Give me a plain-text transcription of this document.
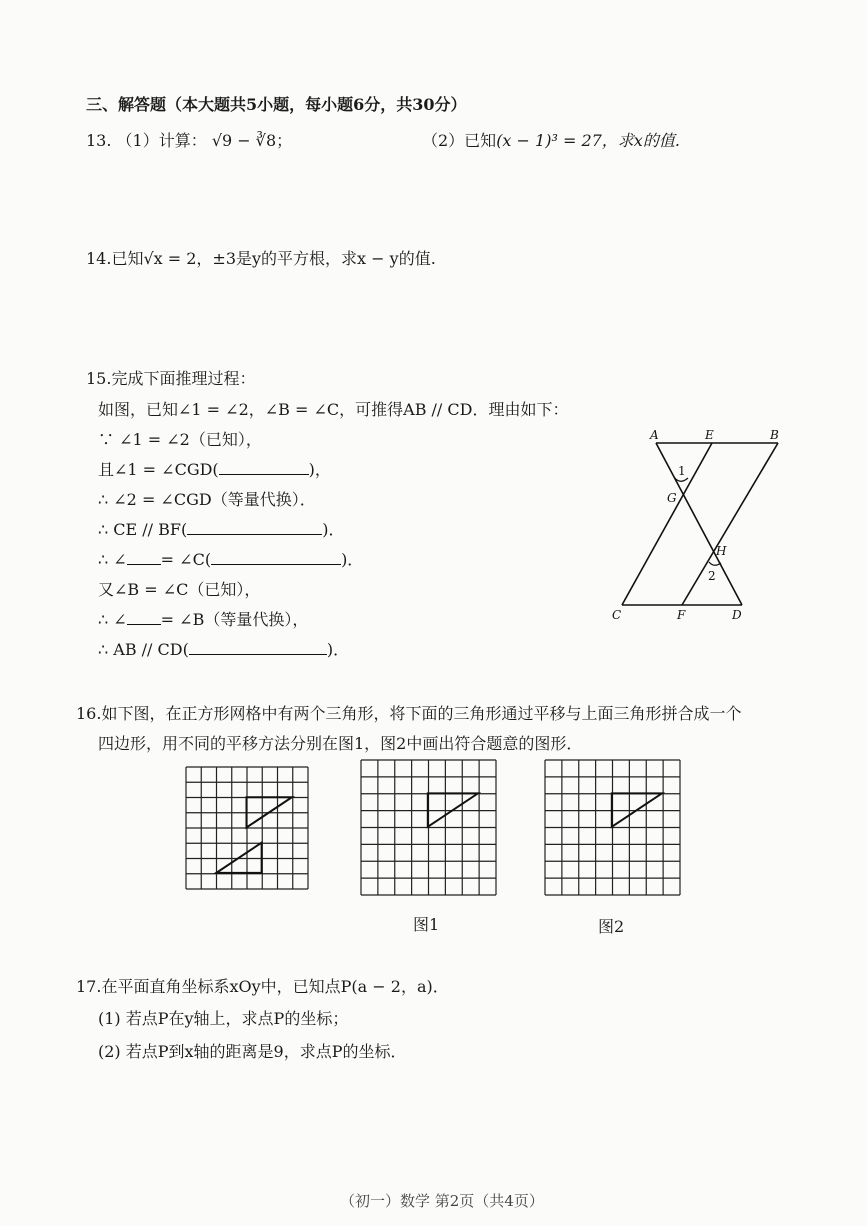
三、解答题（本大题共5小题，每小题6分，共30分）
13. （1）计算： √9 − ∛8；	（2）已知(x − 1)³ = 27，求x的值.
14.已知√x = 2，±3是y的平方根，求x − y的值.
15.完成下面推理过程：
如图，已知∠1 = ∠2，∠B = ∠C，可推得AB // CD．理由如下：
∵ ∠1 = ∠2（已知），
且∠1 = ∠CGD(	)，
∴ ∠2 = ∠CGD（等量代换）．
∴ CE // BF(	)．
∴ ∠ = ∠C(	)．
又∠B = ∠C（已知），
∴ ∠ = ∠B（等量代换），
∴ AB // CD(	)．
A	E	B
G
H
C	F	D
1
2
16.如下图，在正方形网格中有两个三角形，将下面的三角形通过平移与上面三角形拼合成一个
四边形，用不同的平移方法分别在图1，图2中画出符合题意的图形．
图1	图2
17.在平面直角坐标系xOy中，已知点P(a − 2，a)．
(1) 若点P在y轴上，求点P的坐标；
(2) 若点P到x轴的距离是9，求点P的坐标．
（初一）数学 第2页（共4页）
